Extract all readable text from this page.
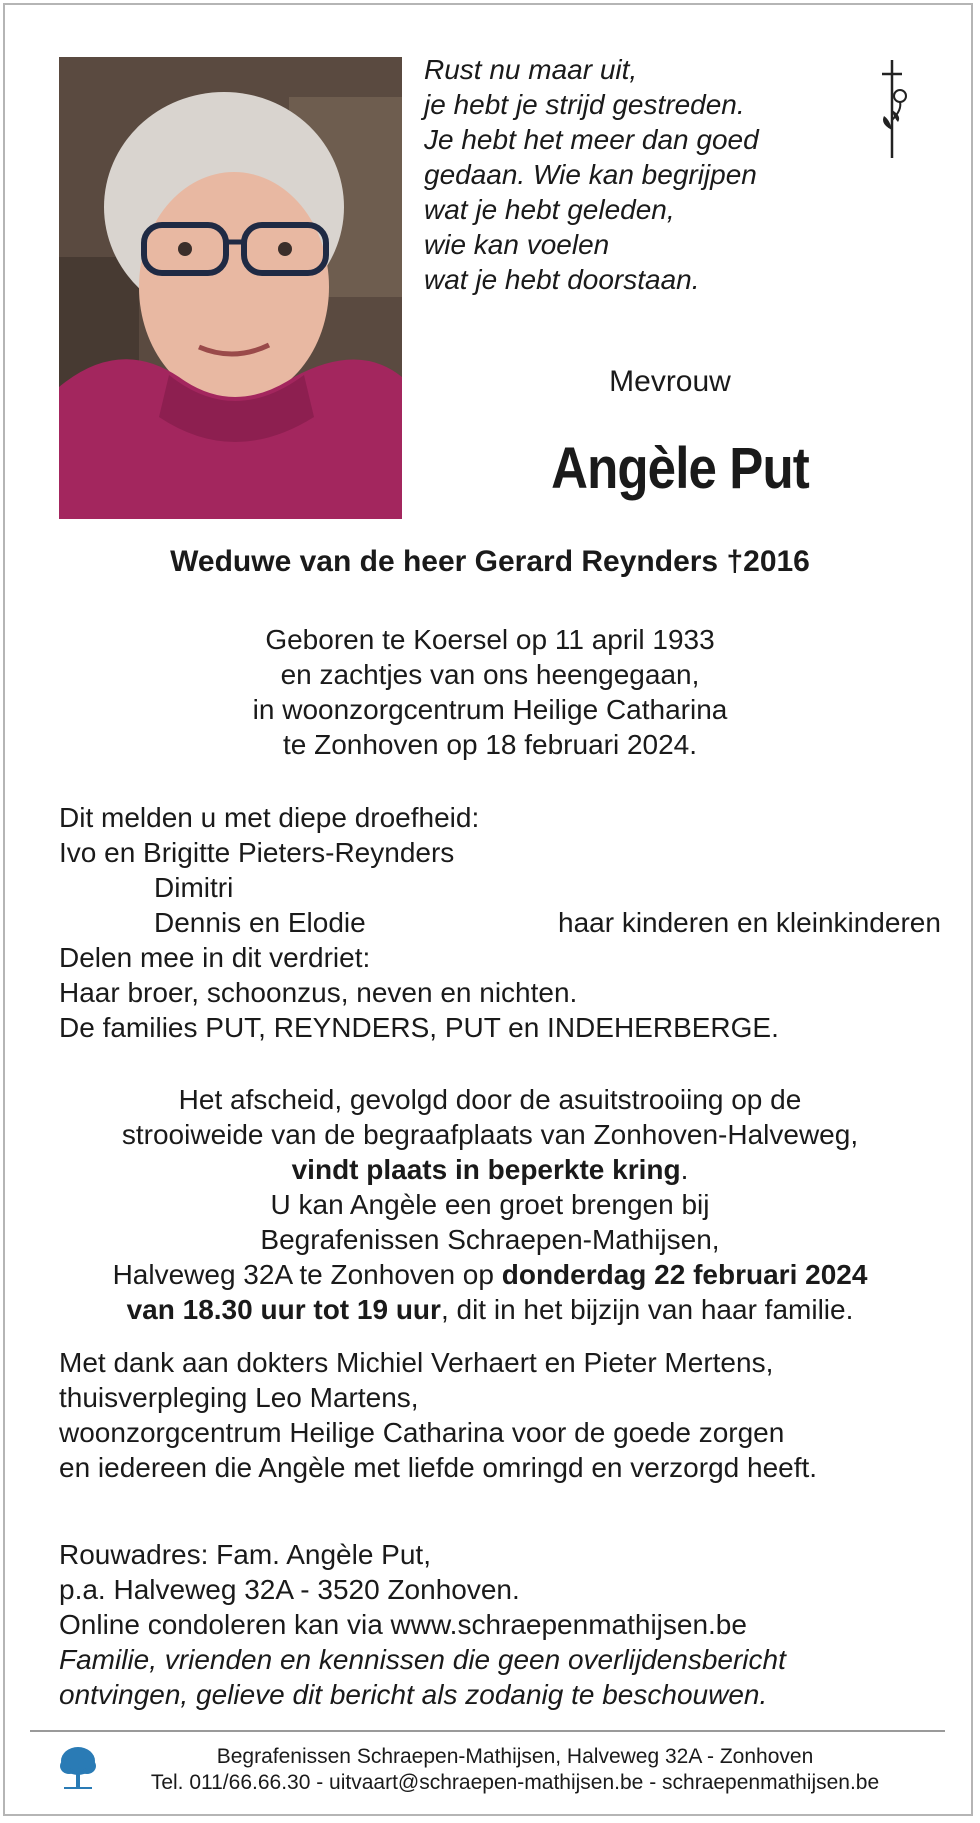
Rust nu maar uit,
je hebt je strijd gestreden.
Je hebt het meer dan goed
gedaan. Wie kan begrijpen
wat je hebt geleden,
wie kan voelen
wat je hebt doorstaan.
Mevrouw
Angèle Put
Weduwe van de heer Gerard Reynders †2016
Geboren te Koersel op 11 april 1933
en zachtjes van ons heengegaan,
in woonzorgcentrum Heilige Catharina
te Zonhoven op 18 februari 2024.
Dit melden u met diepe droefheid:
Ivo en Brigitte Pieters-Reynders
Dimitri
Dennis en Elodie	haar kinderen en kleinkinderen
Delen mee in dit verdriet:
Haar broer, schoonzus, neven en nichten.
De families PUT, REYNDERS, PUT en INDEHERBERGE.
Het afscheid, gevolgd door de asuitstrooiing op de
strooiweide van de begraafplaats van Zonhoven-Halveweg,
vindt plaats in beperkte kring.
U kan Angèle een groet brengen bij
Begrafenissen Schraepen-Mathijsen,
Halveweg 32A te Zonhoven op donderdag 22 februari 2024
van 18.30 uur tot 19 uur, dit in het bijzijn van haar familie.
Met dank aan dokters Michiel Verhaert en Pieter Mertens,
thuisverpleging Leo Martens,
woonzorgcentrum Heilige Catharina voor de goede zorgen
en iedereen die Angèle met liefde omringd en verzorgd heeft.
Rouwadres: Fam. Angèle Put,
p.a. Halveweg 32A - 3520 Zonhoven.
Online condoleren kan via www.schraepenmathijsen.be
Familie, vrienden en kennissen die geen overlijdensbericht
ontvingen, gelieve dit bericht als zodanig te beschouwen.
Begrafenissen Schraepen-Mathijsen, Halveweg 32A - Zonhoven
Tel. 011/66.66.30 - uitvaart@schraepen-mathijsen.be - schraepenmathijsen.be
